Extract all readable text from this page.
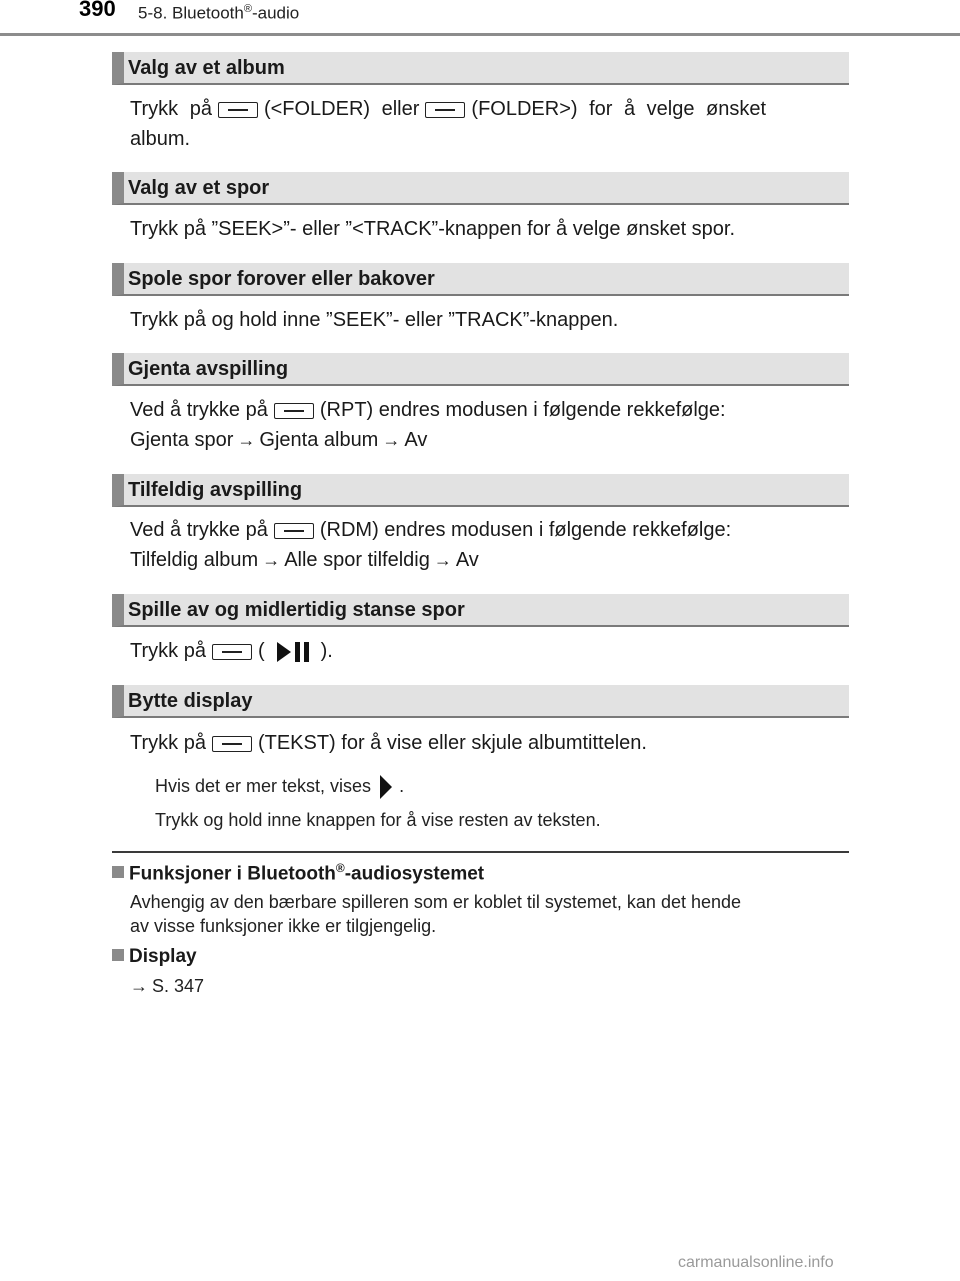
390 5-8. Bluetooth®-audio
Valg av et album
Trykk på	(<FOLDER) eller	(FOLDER>) for å velge ønsket
album.
Valg av et spor
Trykk på ”SEEK>”- eller ”<TRACK”-knappen for å velge ønsket spor.
Spole spor forover eller bakover
Trykk på og hold inne ”SEEK”- eller ”TRACK”-knappen.
Gjenta avspilling
Ved å trykke på	(RPT) endres modusen i følgende rekkefølge:
Gjenta spor → Gjenta album → Av
Tilfeldig avspilling
Ved å trykke på	(RDM) endres modusen i følgende rekkefølge:
Tilfeldig album → Alle spor tilfeldig → Av
Spille av og midlertidig stanse spor
Trykk på	(	).
Bytte display
Trykk på	(TEKST) for å vise eller skjule albumtittelen.
Hvis det er mer tekst, vises .
Trykk og hold inne knappen for å vise resten av teksten.
Funksjoner i Bluetooth®-audiosystemet
Avhengig av den bærbare spilleren som er koblet til systemet, kan det hende
av visse funksjoner ikke er tilgjengelig.
Display
→ S. 347
carmanualsonline.info
